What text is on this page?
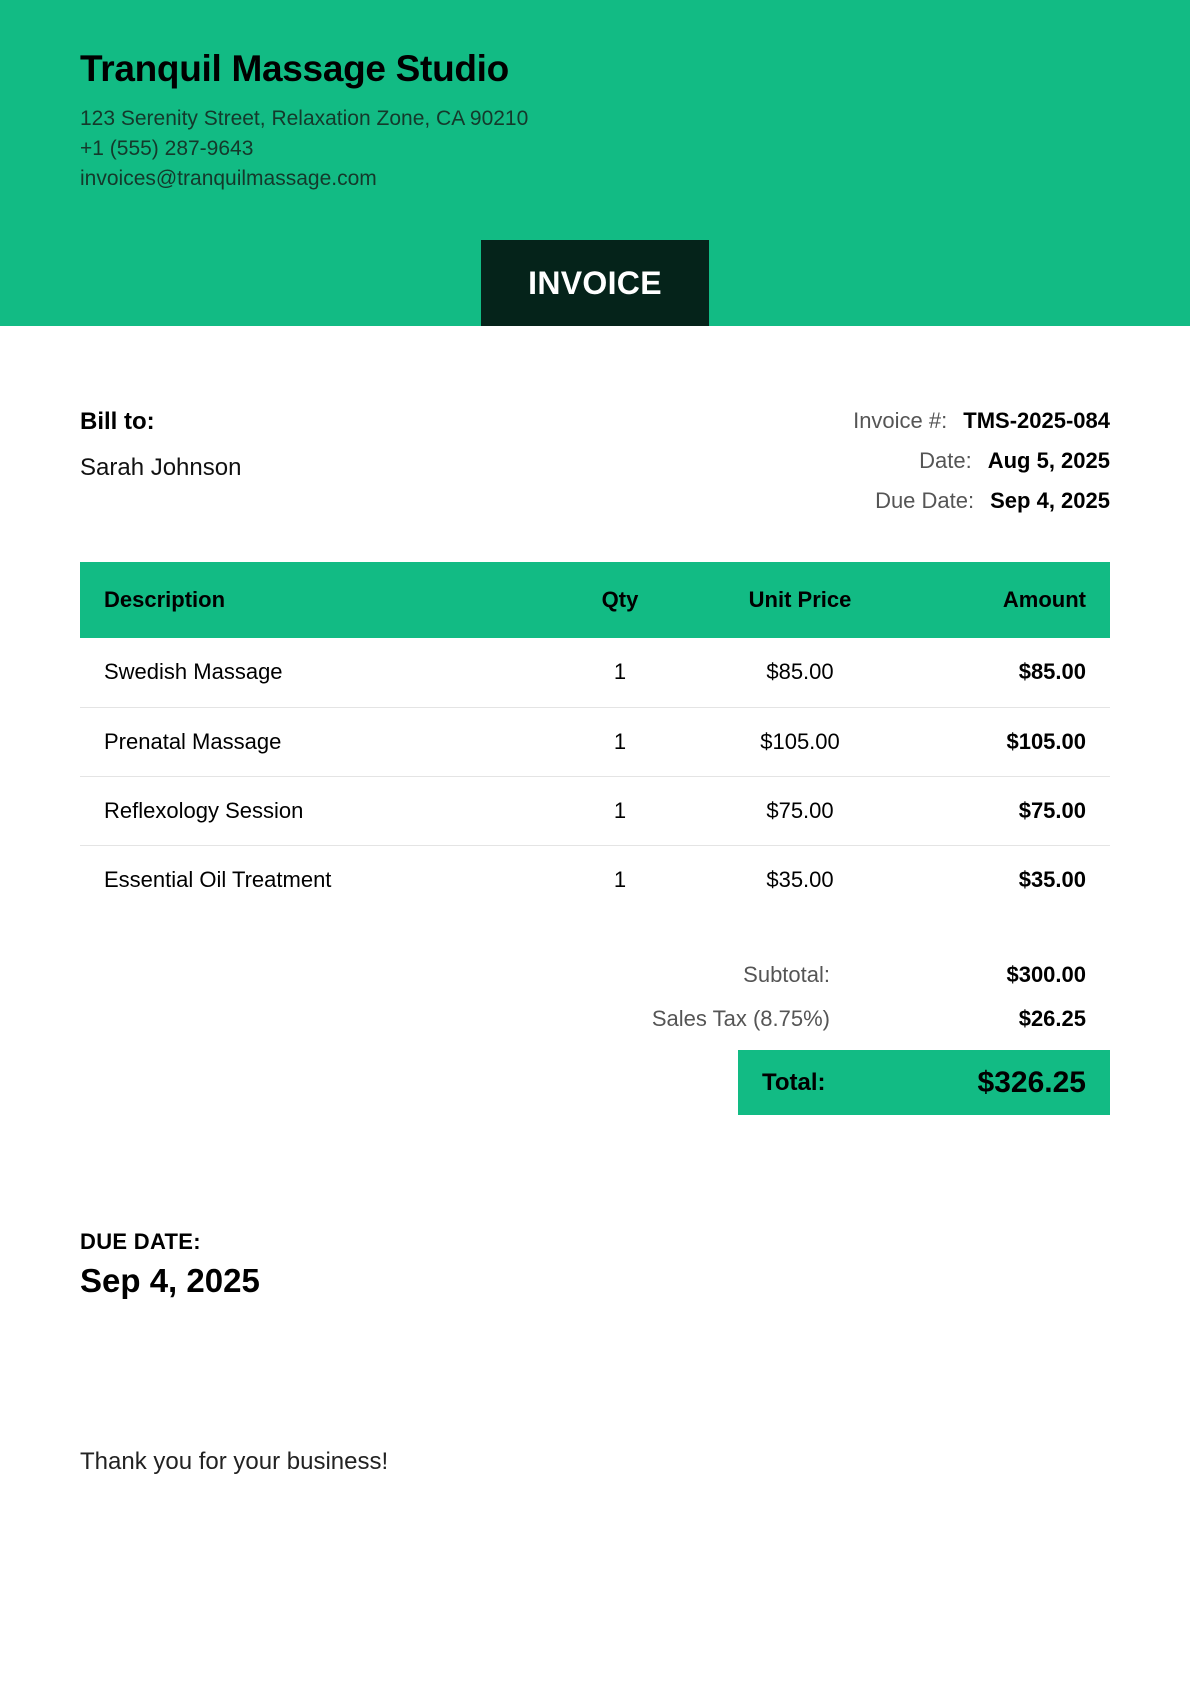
Tranquil Massage Studio
123 Serenity Street, Relaxation Zone, CA 90210
+1 (555) 287-9643
invoices@tranquilmassage.com
INVOICE
Bill to:
Sarah Johnson
Invoice #: TMS-2025-084
Date: Aug 5, 2025
Due Date: Sep 4, 2025
Description	Qty	Unit Price	Amount
Swedish Massage	1	$85.00	$85.00
Prenatal Massage	1	$105.00	$105.00
Reflexology Session	1	$75.00	$75.00
Essential Oil Treatment	1	$35.00	$35.00
Subtotal:	$300.00
Sales Tax (8.75%)	$26.25
Total:	$326.25
DUE DATE:
Sep 4, 2025
Thank you for your business!
